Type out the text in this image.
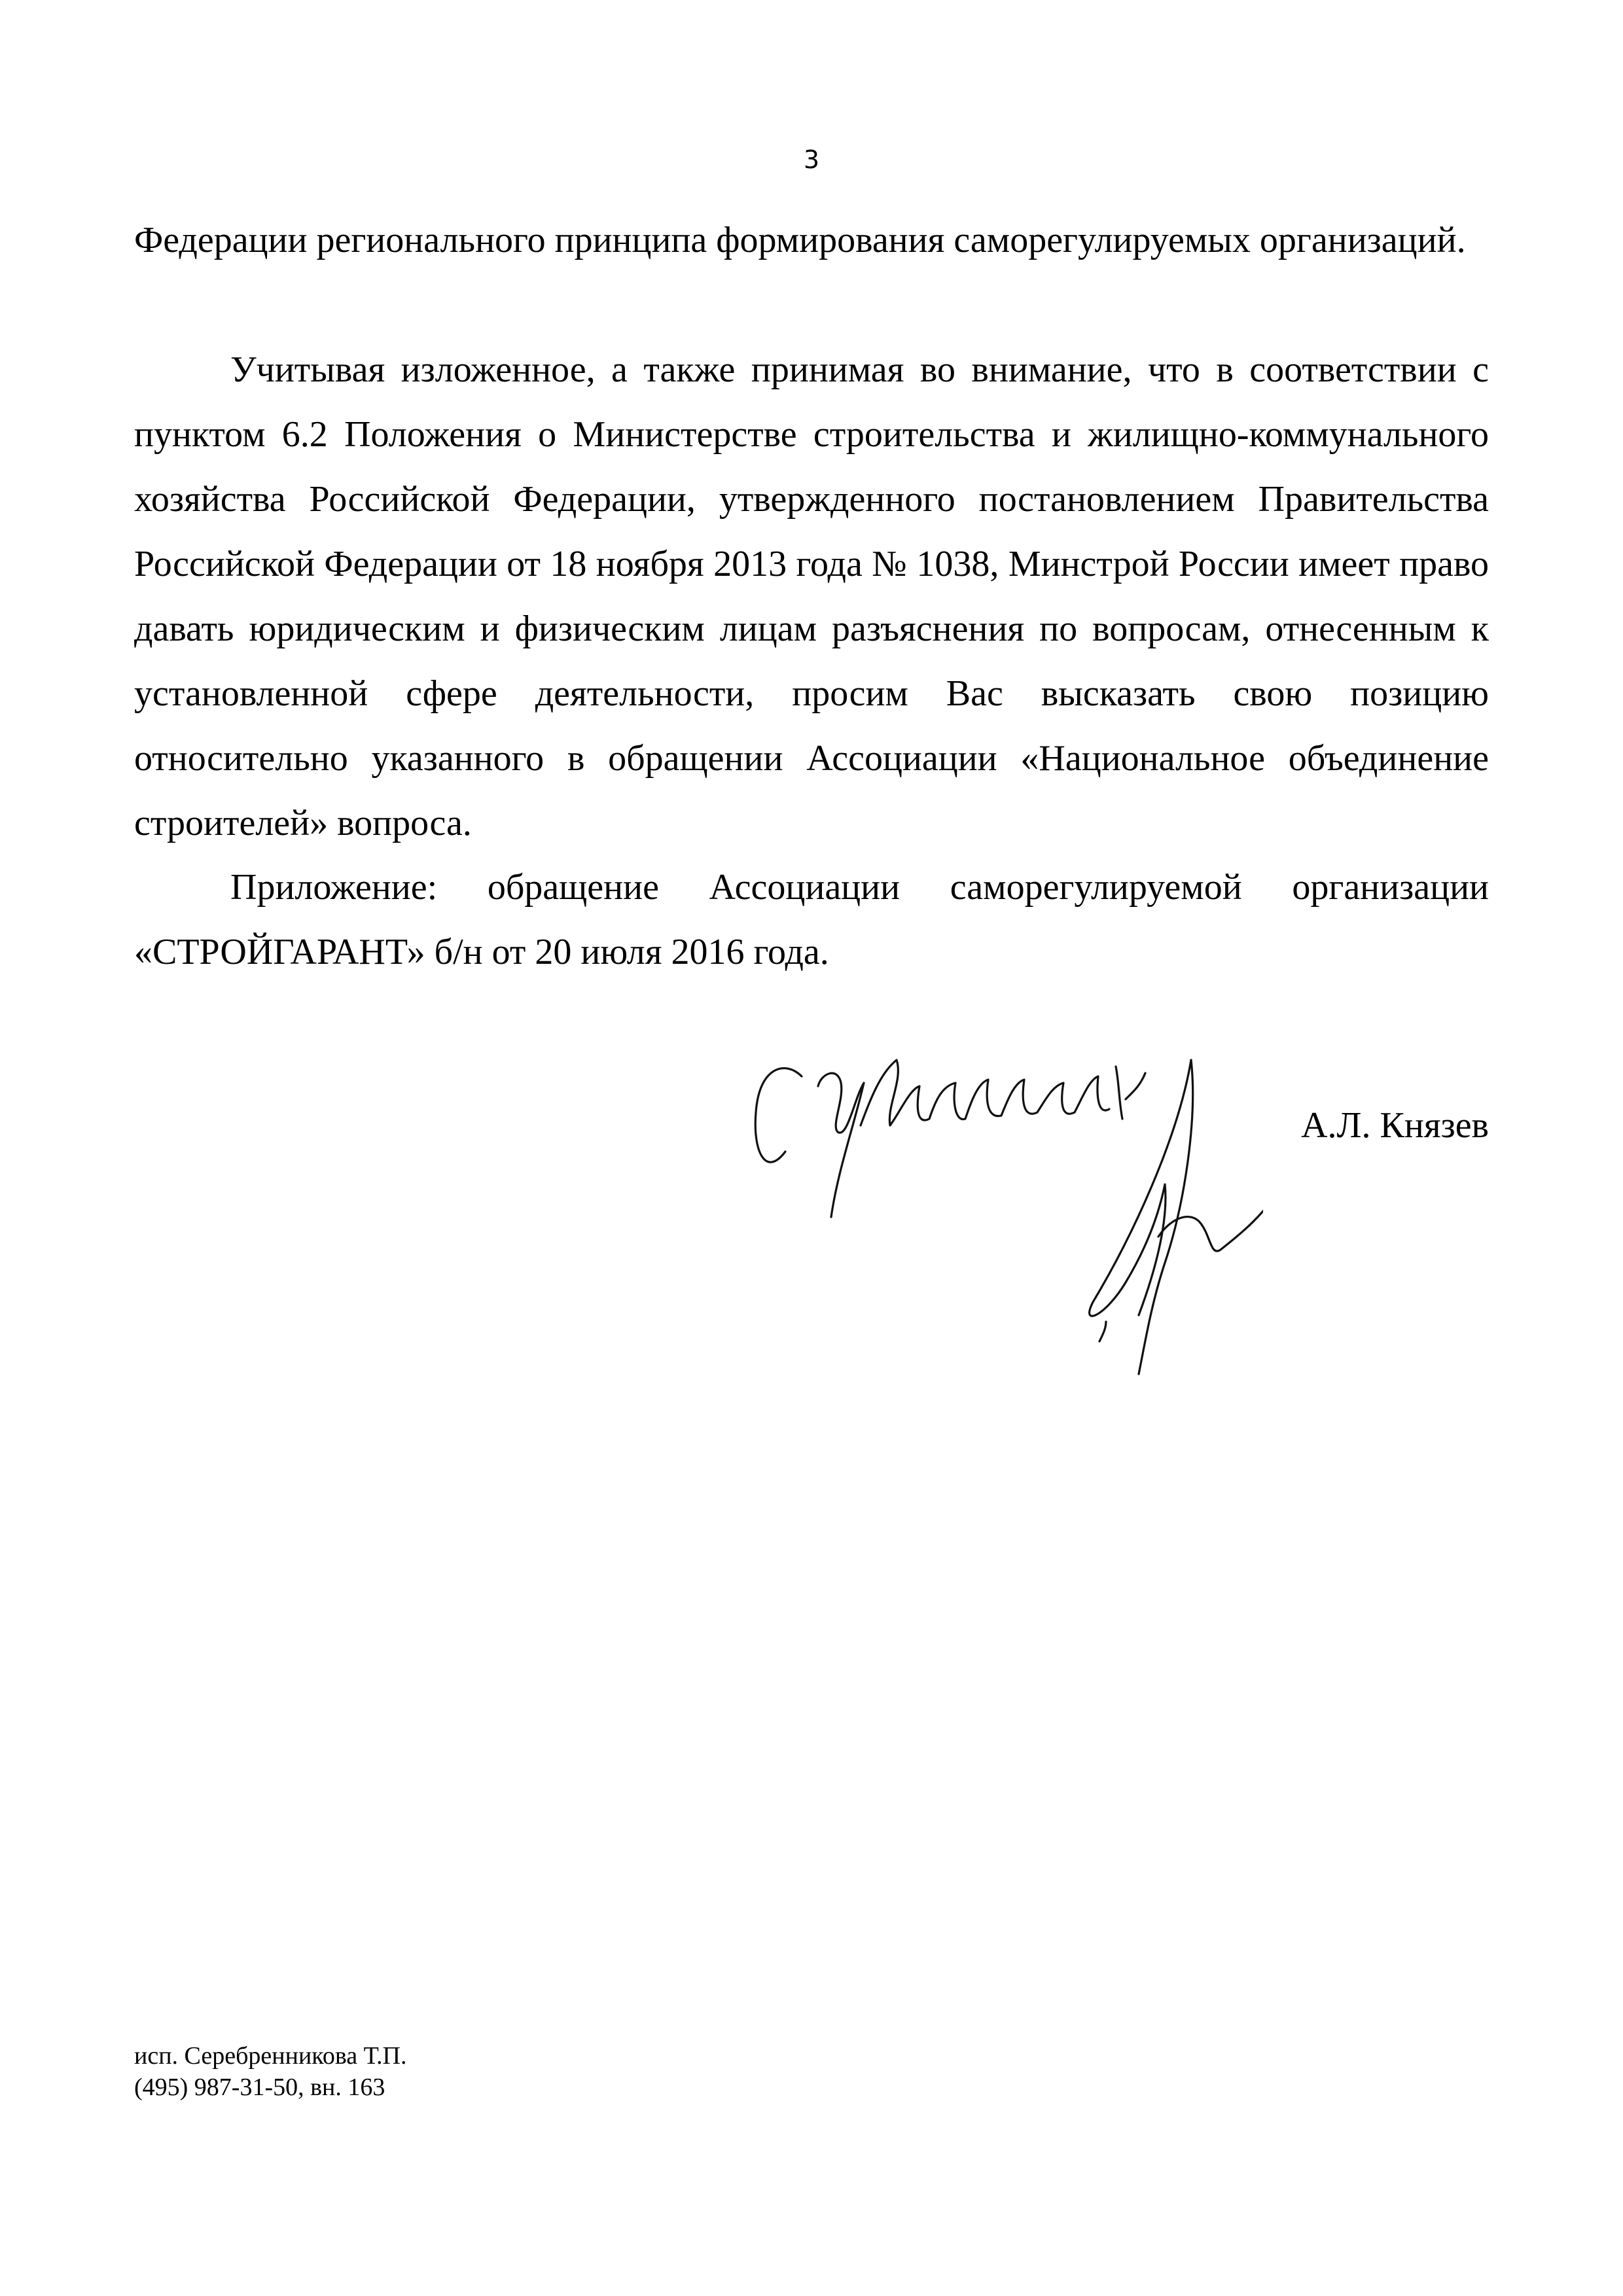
3

Федерации регионального принципа формирования саморегулируемых организаций.

Учитывая изложенное, а также принимая во внимание, что в соответствии с пунктом 6.2 Положения о Министерстве строительства и жилищно-коммунального хозяйства Российской Федерации, утвержденного постановлением Правительства Российской Федерации от 18 ноября 2013 года № 1038, Минстрой России имеет право давать юридическим и физическим лицам разъяснения по вопросам, отнесенным к установленной сфере деятельности, просим Вас высказать свою позицию относительно указанного в обращении Ассоциации «Национальное объединение строителей» вопроса.

Приложение: обращение Ассоциации саморегулируемой организации «СТРОЙГАРАНТ» б/н от 20 июля 2016 года.

А.Л. Князев
исп. Серебренникова Т.П.
(495) 987-31-50, вн. 163
